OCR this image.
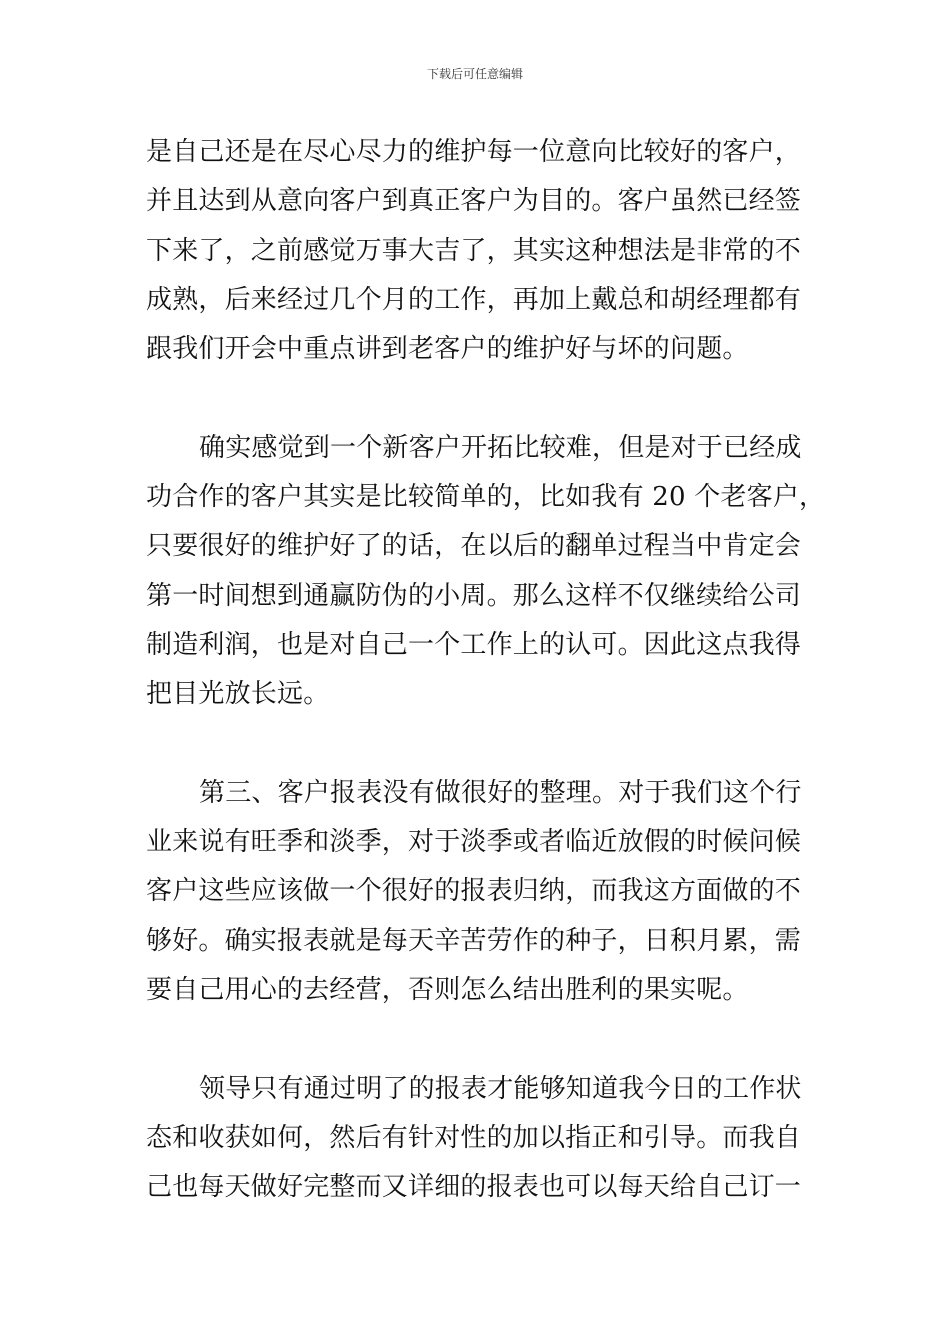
下载后可任意编辑
是自己还是在尽心尽力的维护每一位意向比较好的客户，
并且达到从意向客户到真正客户为目的。客户虽然已经签
下来了，之前感觉万事大吉了，其实这种想法是非常的不
成熟，后来经过几个月的工作，再加上戴总和胡经理都有
跟我们开会中重点讲到老客户的维护好与坏的问题。
确实感觉到一个新客户开拓比较难，但是对于已经成
功合作的客户其实是比较简单的，比如我有 20 个老客户，
只要很好的维护好了的话，在以后的翻单过程当中肯定会
第一时间想到通赢防伪的小周。那么这样不仅继续给公司
制造利润，也是对自己一个工作上的认可。因此这点我得
把目光放长远。
第三、客户报表没有做很好的整理。对于我们这个行
业来说有旺季和淡季，对于淡季或者临近放假的时候问候
客户这些应该做一个很好的报表归纳，而我这方面做的不
够好。确实报表就是每天辛苦劳作的种子，日积月累，需
要自己用心的去经营，否则怎么结出胜利的果实呢。
领导只有通过明了的报表才能够知道我今日的工作状
态和收获如何，然后有针对性的加以指正和引导。而我自
己也每天做好完整而又详细的报表也可以每天给自己订一
